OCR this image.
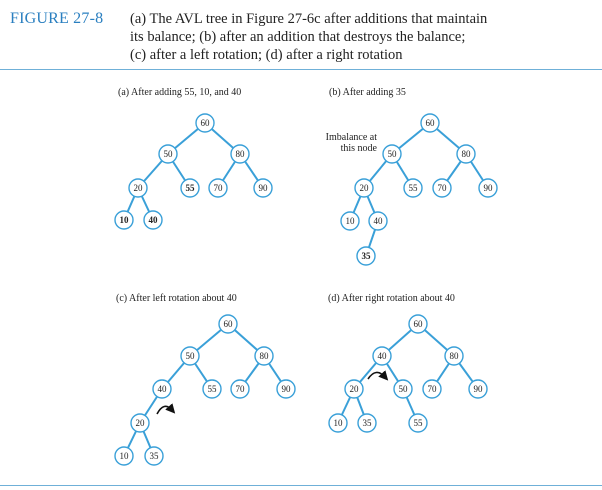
FIGURE 27-8 (a) The AVL tree in Figure 27-6c after additions that maintain
its balance; (b) after an addition that destroys the balance;
(c) after a left rotation; (d) after a right rotation
(a) After adding 55, 10, and 40	(b) After adding 35
Imbalance at
this node
(c) After left rotation about 40	(d) After right rotation about 40
60
50	80
20	55 70	90
10 40
60
50	80
20	55 70	90
10 40
35
60
50	80
40	55 70	90
20
10 35
60
40	80
20	50 70	90
10 35	55
